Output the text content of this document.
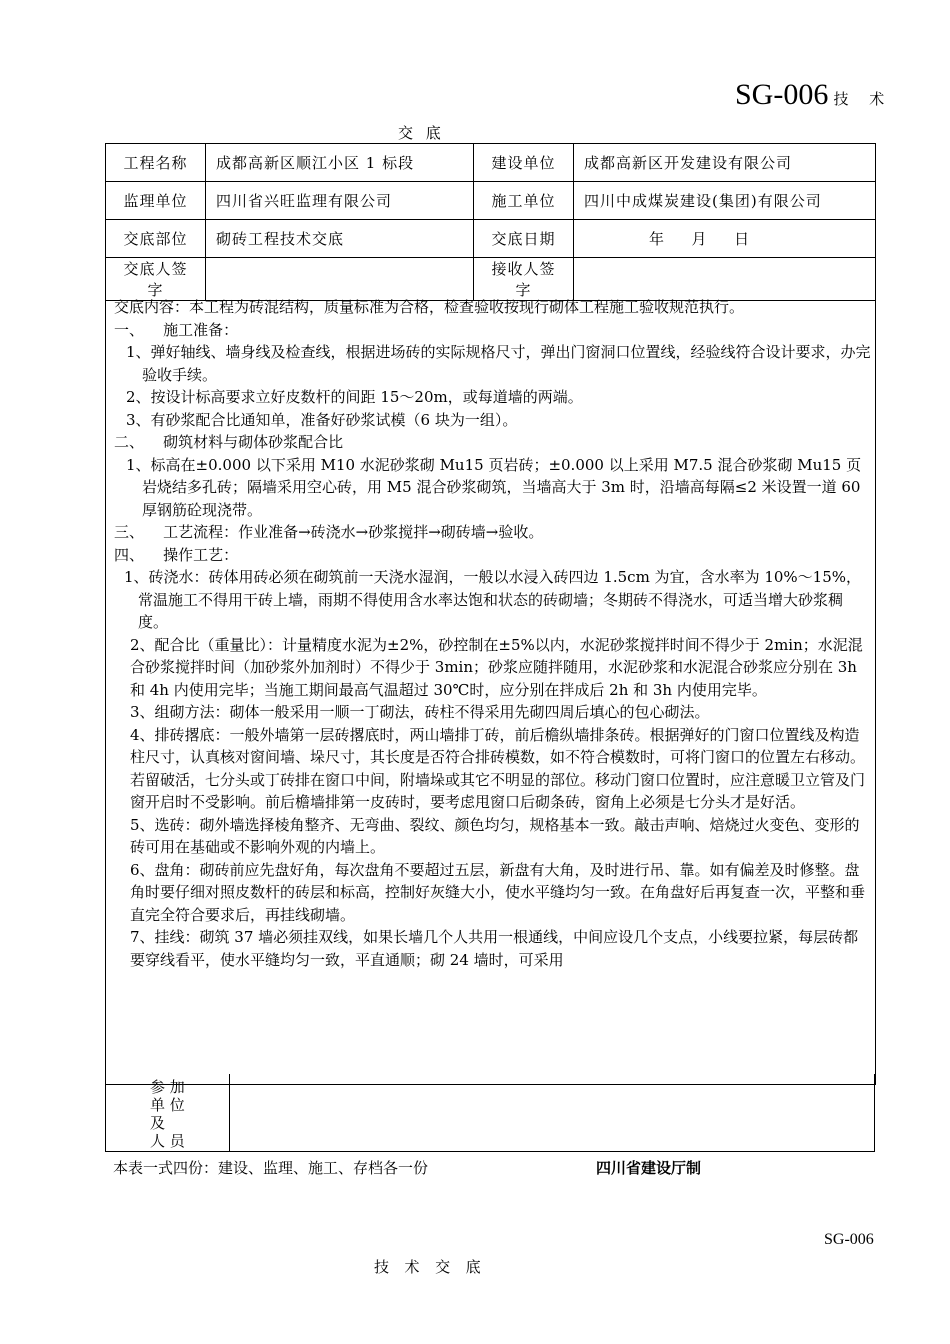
SG-006 技 术
交 底
工程名称	成都高新区顺江小区 1 标段	建设单位	成都高新区开发建设有限公司
监理单位	四川省兴旺监理有限公司	施工单位	四川中成煤炭建设(集团)有限公司
交底部位	砌砖工程技术交底	交底日期	年  月  日
交底人签字		接收人签字	

交底内容：本工程为砖混结构，质量标准为合格，检查验收按现行砌体工程施工验收规范执行。

一、    施工准备：

1、弹好轴线、墙身线及检查线，根据进场砖的实际规格尺寸，弹出门窗洞口位置线，经验线符合设计要求，办完验收手续。

2、按设计标高要求立好皮数杆的间距 15～20m，或每道墙的两端。

3、有砂浆配合比通知单，准备好砂浆试模（6 块为一组）。

二、    砌筑材料与砌体砂浆配合比

1、标高在±0.000 以下采用 M10 水泥砂浆砌 Mu15 页岩砖；±0.000 以上采用 M7.5 混合砂浆砌 Mu15 页岩烧结多孔砖；隔墙采用空心砖，用 M5 混合砂浆砌筑，当墙高大于 3m 时，沿墙高每隔≤2 米设置一道 60 厚钢筋砼现浇带。

三、    工艺流程：作业准备→砖浇水→砂浆搅拌→砌砖墙→验收。

四、    操作工艺：

1、砖浇水：砖体用砖必须在砌筑前一天浇水湿润，一般以水浸入砖四边 1.5cm 为宜，含水率为 10%～15%，常温施工不得用干砖上墙，雨期不得使用含水率达饱和状态的砖砌墙；冬期砖不得浇水，可适当增大砂浆稠度。

2、配合比（重量比）：计量精度水泥为±2%，砂控制在±5%以内，水泥砂浆搅拌时间不得少于 2min；水泥混合砂浆搅拌时间（加砂浆外加剂时）不得少于 3min；砂浆应随拌随用，水泥砂浆和水泥混合砂浆应分别在 3h 和 4h 内使用完毕；当施工期间最高气温超过 30℃时，应分别在拌成后 2h 和 3h 内使用完毕。

3、组砌方法：砌体一般采用一顺一丁砌法，砖柱不得采用先砌四周后填心的包心砌法。

4、排砖撂底：一般外墙第一层砖撂底时，两山墙排丁砖，前后檐纵墙排条砖。根据弹好的门窗口位置线及构造柱尺寸，认真核对窗间墙、垛尺寸，其长度是否符合排砖模数，如不符合模数时，可将门窗口的位置左右移动。若留破活，七分头或丁砖排在窗口中间，附墙垛或其它不明显的部位。移动门窗口位置时，应注意暖卫立管及门窗开启时不受影响。前后檐墙排第一皮砖时，要考虑甩窗口后砌条砖，窗角上必须是七分头才是好活。

5、选砖：砌外墙选择棱角整齐、无弯曲、裂纹、颜色均匀，规格基本一致。敲击声响、焙烧过火变色、变形的砖可用在基础或不影响外观的内墙上。

6、盘角：砌砖前应先盘好角，每次盘角不要超过五层，新盘有大角，及时进行吊、靠。如有偏差及时修整。盘角时要仔细对照皮数杆的砖层和标高，控制好灰缝大小，使水平缝均匀一致。在角盘好后再复查一次，平整和垂直完全符合要求后，再挂线砌墙。

7、挂线：砌筑 37 墙必须挂双线，如果长墙几个人共用一根通线，中间应设几个支点，小线要拉紧，每层砖都要穿线看平，使水平缝均匀一致，平直通顺；砌 24 墙时，可采用

参 加
单 位
及
人 员
本表一式四份：建设、监理、施工、存档各一份	四川省建设厅制
SG-006
技  术  交  底
